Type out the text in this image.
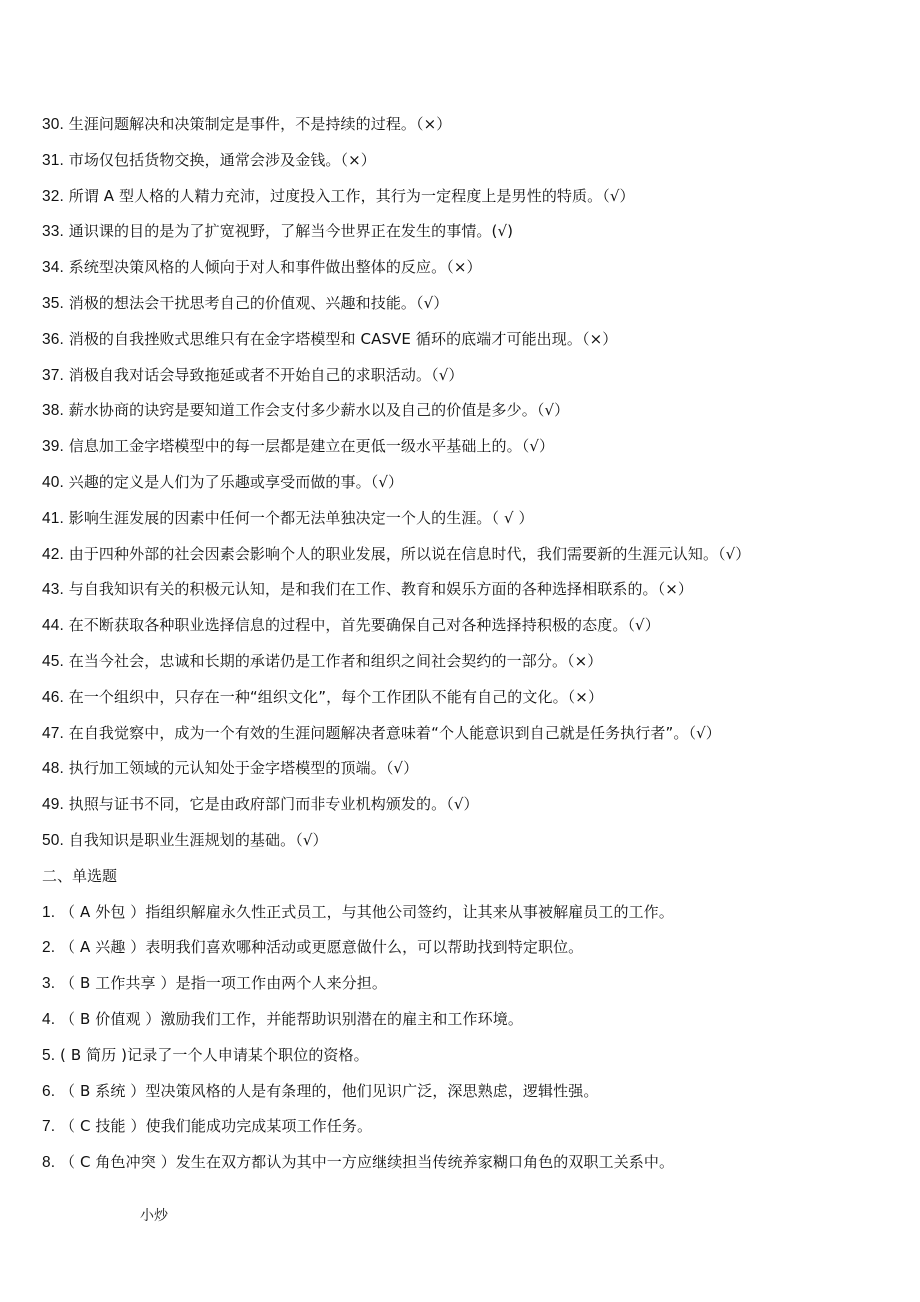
30. 生涯问题解决和决策制定是事件，不是持续的过程。（×）
31. 市场仅包括货物交换，通常会涉及金钱。（×）
32. 所谓 A 型人格的人精力充沛，过度投入工作，其行为一定程度上是男性的特质。（√）
33. 通识课的目的是为了扩宽视野，了解当今世界正在发生的事情。(√)
34. 系统型决策风格的人倾向于对人和事件做出整体的反应。（×）
35. 消极的想法会干扰思考自己的价值观、兴趣和技能。（√）
36. 消极的自我挫败式思维只有在金字塔模型和 CASVE 循环的底端才可能出现。（×）
37. 消极自我对话会导致拖延或者不开始自己的求职活动。（√）
38. 薪水协商的诀窍是要知道工作会支付多少薪水以及自己的价值是多少。（√）
39. 信息加工金字塔模型中的每一层都是建立在更低一级水平基础上的。（√）
40. 兴趣的定义是人们为了乐趣或享受而做的事。（√）
41. 影响生涯发展的因素中任何一个都无法单独决定一个人的生涯。（ √ ）
42. 由于四种外部的社会因素会影响个人的职业发展，所以说在信息时代，我们需要新的生涯元认知。（√）
43. 与自我知识有关的积极元认知，是和我们在工作、教育和娱乐方面的各种选择相联系的。（×）
44. 在不断获取各种职业选择信息的过程中，首先要确保自己对各种选择持积极的态度。（√）
45. 在当今社会，忠诚和长期的承诺仍是工作者和组织之间社会契约的一部分。（×）
46. 在一个组织中，只存在一种“组织文化”，每个工作团队不能有自己的文化。（×）
47. 在自我觉察中，成为一个有效的生涯问题解决者意味着“个人能意识到自己就是任务执行者”。（√）
48. 执行加工领域的元认知处于金字塔模型的顶端。（√）
49. 执照与证书不同，它是由政府部门而非专业机构颁发的。（√）
50. 自我知识是职业生涯规划的基础。（√）
二、单选题
1. （ A 外包 ）指组织解雇永久性正式员工，与其他公司签约，让其来从事被解雇员工的工作。
2. （ A 兴趣 ）表明我们喜欢哪种活动或更愿意做什么，可以帮助找到特定职位。
3. （ B 工作共享 ）是指一项工作由两个人来分担。
4. （ B 价值观 ）激励我们工作，并能帮助识别潜在的雇主和工作环境。
5. ( B 简历 )记录了一个人申请某个职位的资格。
6. （ B 系统 ）型决策风格的人是有条理的，他们见识广泛，深思熟虑，逻辑性强。
7. （ C 技能 ）使我们能成功完成某项工作任务。
8. （ C 角色冲突 ）发生在双方都认为其中一方应继续担当传统养家糊口角色的双职工关系中。
小炒
